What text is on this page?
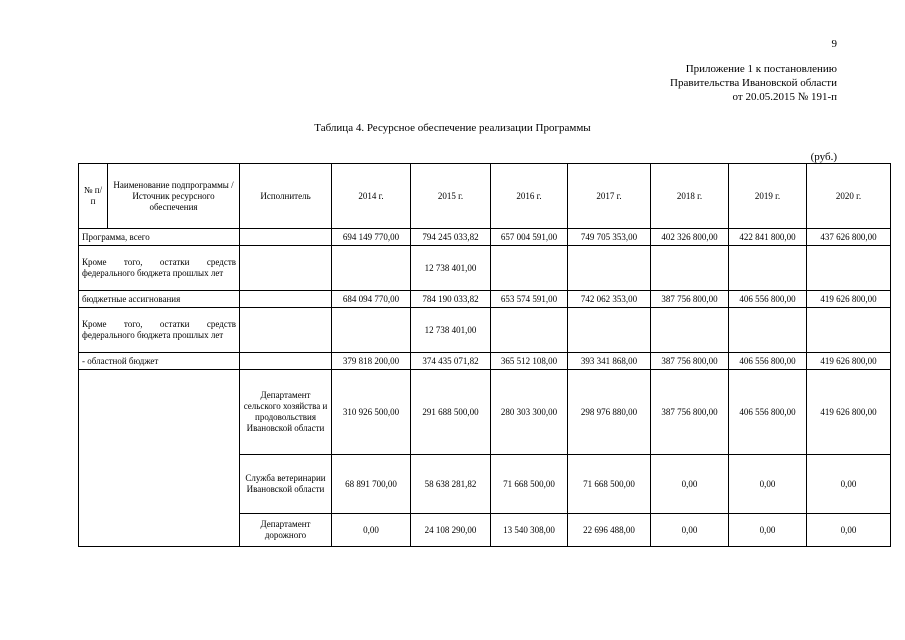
9
Приложение 1 к постановлению
Правительства Ивановской области
от 20.05.2015 № 191-п
Таблица 4. Ресурсное обеспечение реализации Программы
(руб.)
№ п/п	Наименование подпрограммы / Источник ресурсного обеспечения	Исполнитель	2014 г.	2015 г.	2016 г.	2017 г.	2018 г.	2019 г.	2020 г.
Программа, всего			694 149 770,00	794 245 033,82	657 004 591,00	749 705 353,00	402 326 800,00	422 841 800,00	437 626 800,00
Кроме того, остатки средств федерального бюджета прошлых лет				12 738 401,00					
бюджетные ассигнования			684 094 770,00	784 190 033,82	653 574 591,00	742 062 353,00	387 756 800,00	406 556 800,00	419 626 800,00
Кроме того, остатки средств федерального бюджета прошлых лет				12 738 401,00					
- областной бюджет			379 818 200,00	374 435 071,82	365 512 108,00	393 341 868,00	387 756 800,00	406 556 800,00	419 626 800,00
		Департамент сельского хозяйства и продовольствия Ивановской области	310 926 500,00	291 688 500,00	280 303 300,00	298 976 880,00	387 756 800,00	406 556 800,00	419 626 800,00
		Служба ветеринарии Ивановской области	68 891 700,00	58 638 281,82	71 668 500,00	71 668 500,00	0,00	0,00	0,00
		Департамент дорожного	0,00	24 108 290,00	13 540 308,00	22 696 488,00	0,00	0,00	0,00
